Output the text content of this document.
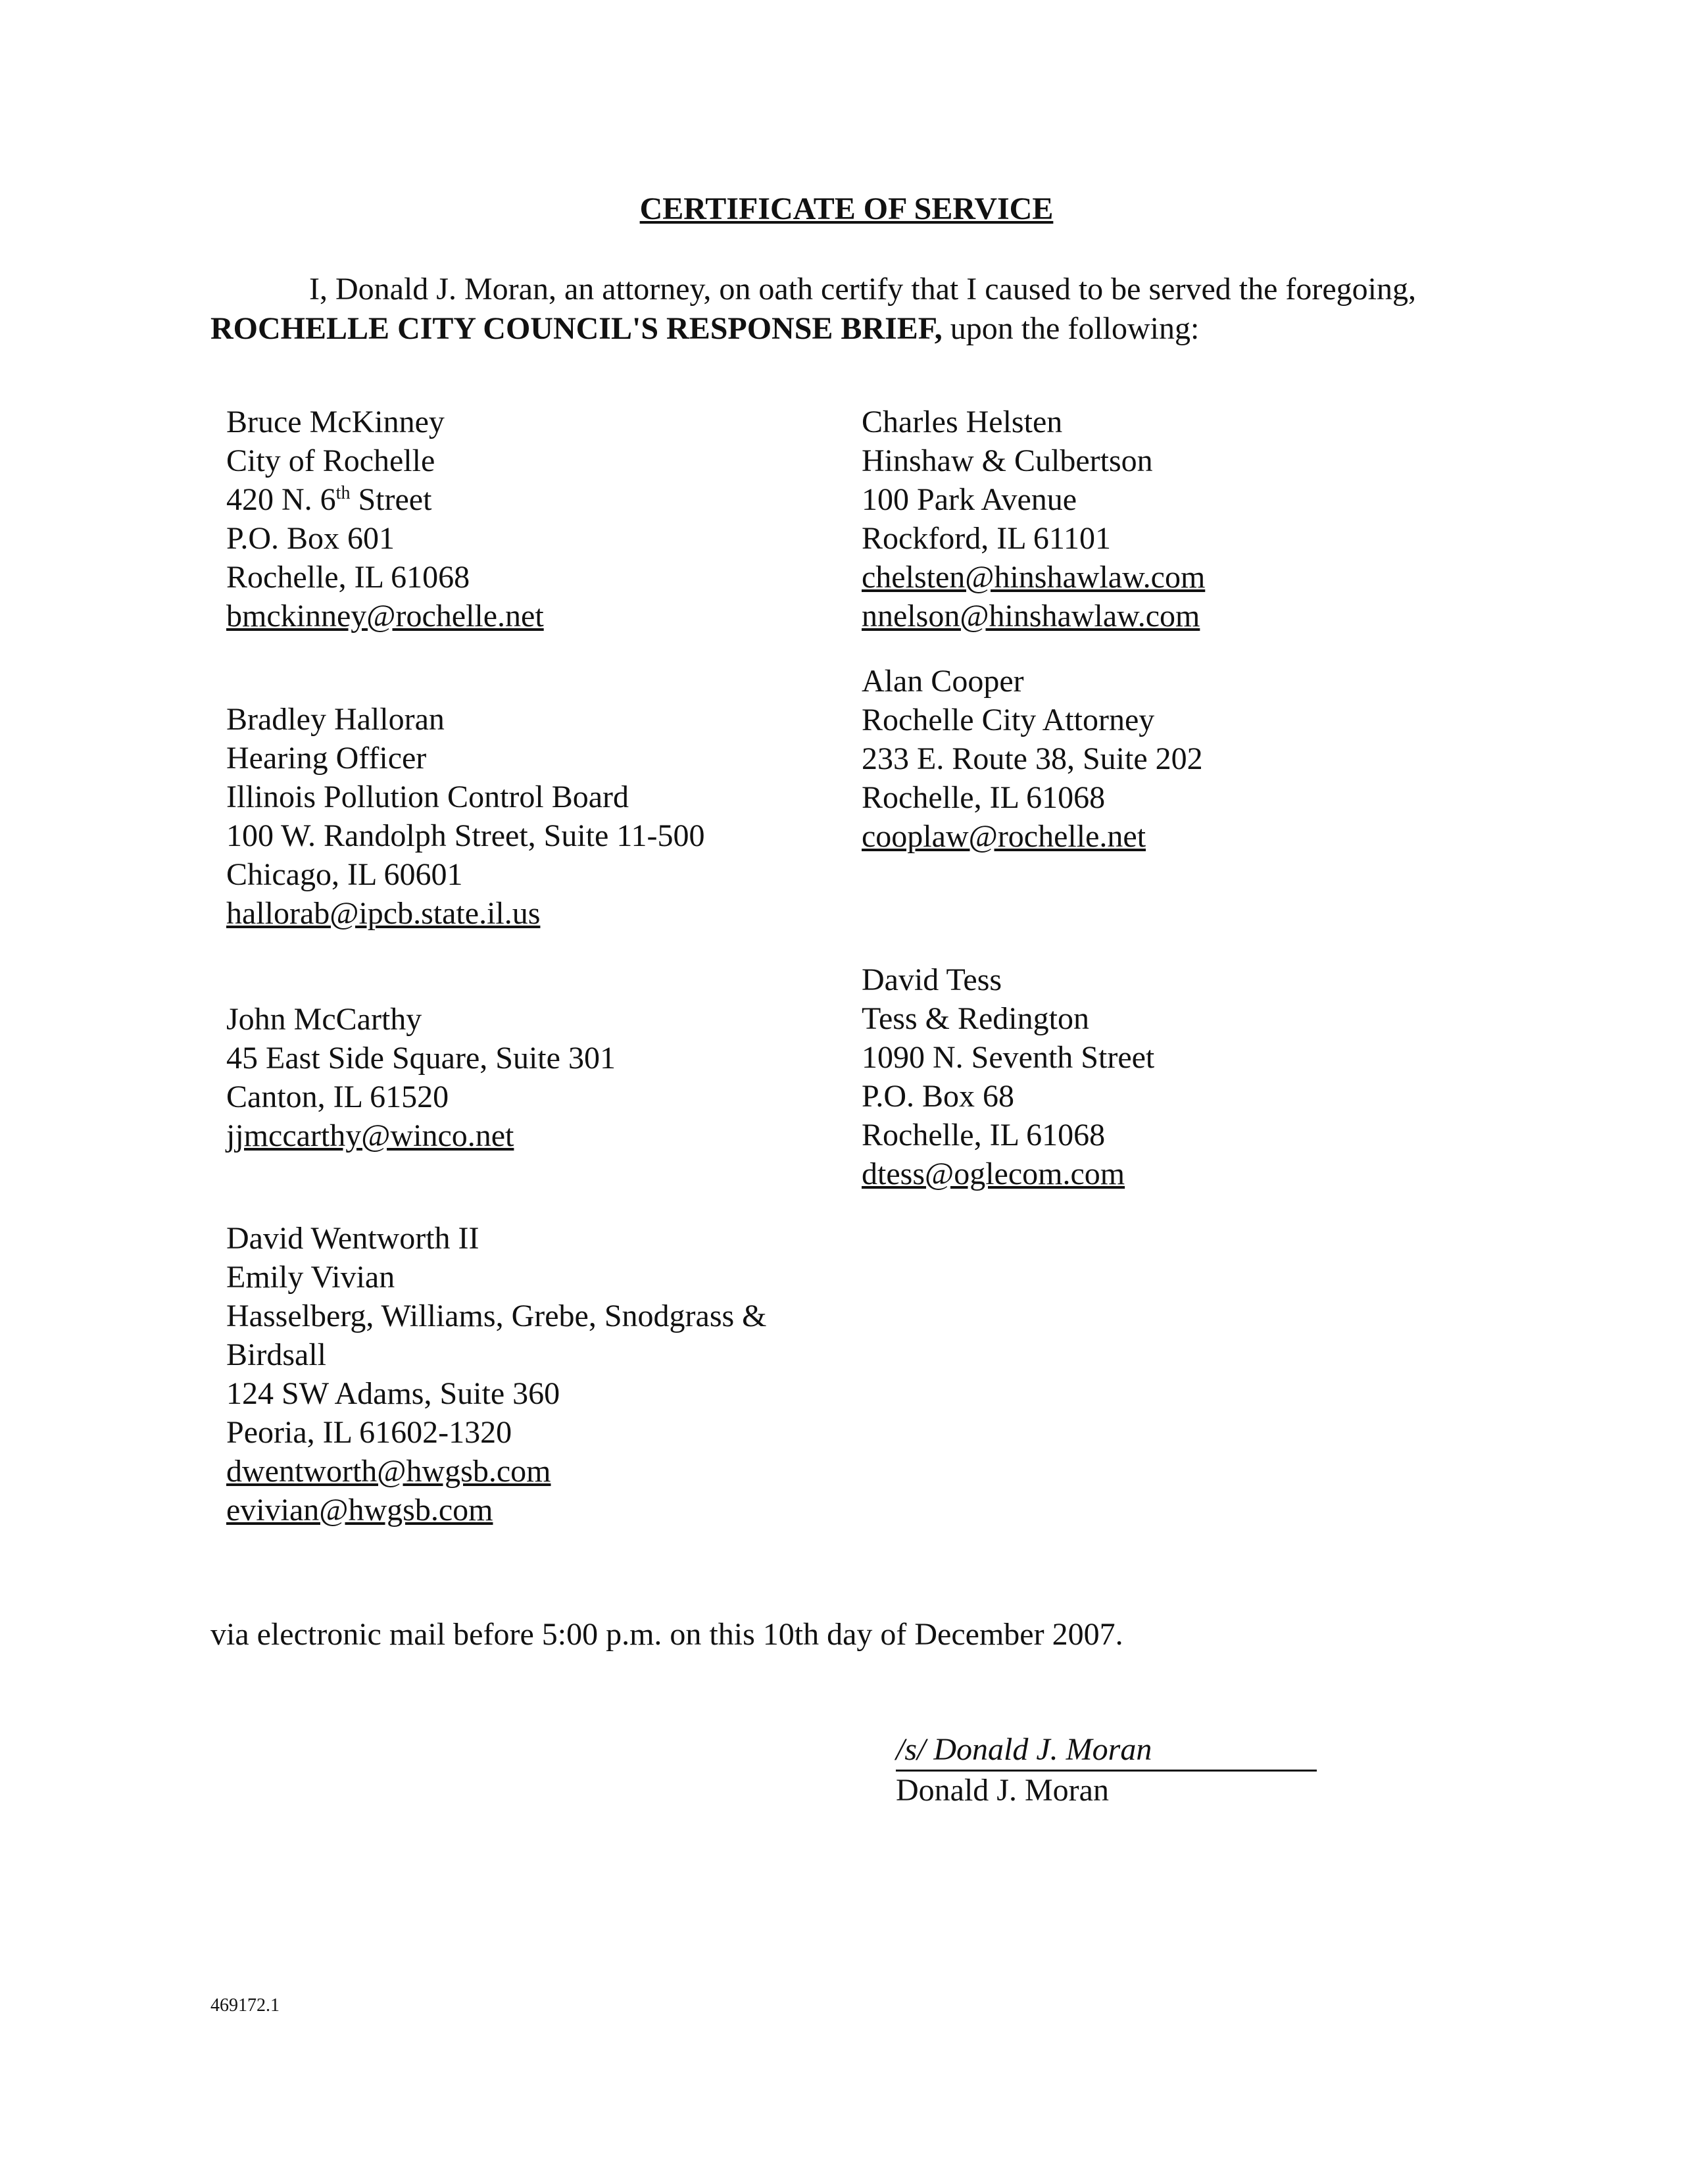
CERTIFICATE OF SERVICE
I, Donald J. Moran, an attorney, on oath certify that I caused to be served the foregoing,
ROCHELLE CITY COUNCIL'S RESPONSE BRIEF, upon the following:
Bruce McKinney
City of Rochelle
420 N. 6th Street
P.O. Box 601
Rochelle, IL 61068
bmckinney@rochelle.net
Bradley Halloran
Hearing Officer
Illinois Pollution Control Board
100 W. Randolph Street, Suite 11-500
Chicago, IL 60601
hallorab@ipcb.state.il.us
John McCarthy
45 East Side Square, Suite 301
Canton, IL 61520
jjmccarthy@winco.net
David Wentworth II
Emily Vivian
Hasselberg, Williams, Grebe, Snodgrass &
Birdsall
124 SW Adams, Suite 360
Peoria, IL 61602-1320
dwentworth@hwgsb.com
evivian@hwgsb.com
Charles Helsten
Hinshaw & Culbertson
100 Park Avenue
Rockford, IL 61101
chelsten@hinshawlaw.com
nnelson@hinshawlaw.com
Alan Cooper
Rochelle City Attorney
233 E. Route 38, Suite 202
Rochelle, IL 61068
cooplaw@rochelle.net
David Tess
Tess & Redington
1090 N. Seventh Street
P.O. Box 68
Rochelle, IL 61068
dtess@oglecom.com
via electronic mail before 5:00 p.m. on this 10th day of December 2007.
/s/ Donald J. Moran
Donald J. Moran
469172.1
